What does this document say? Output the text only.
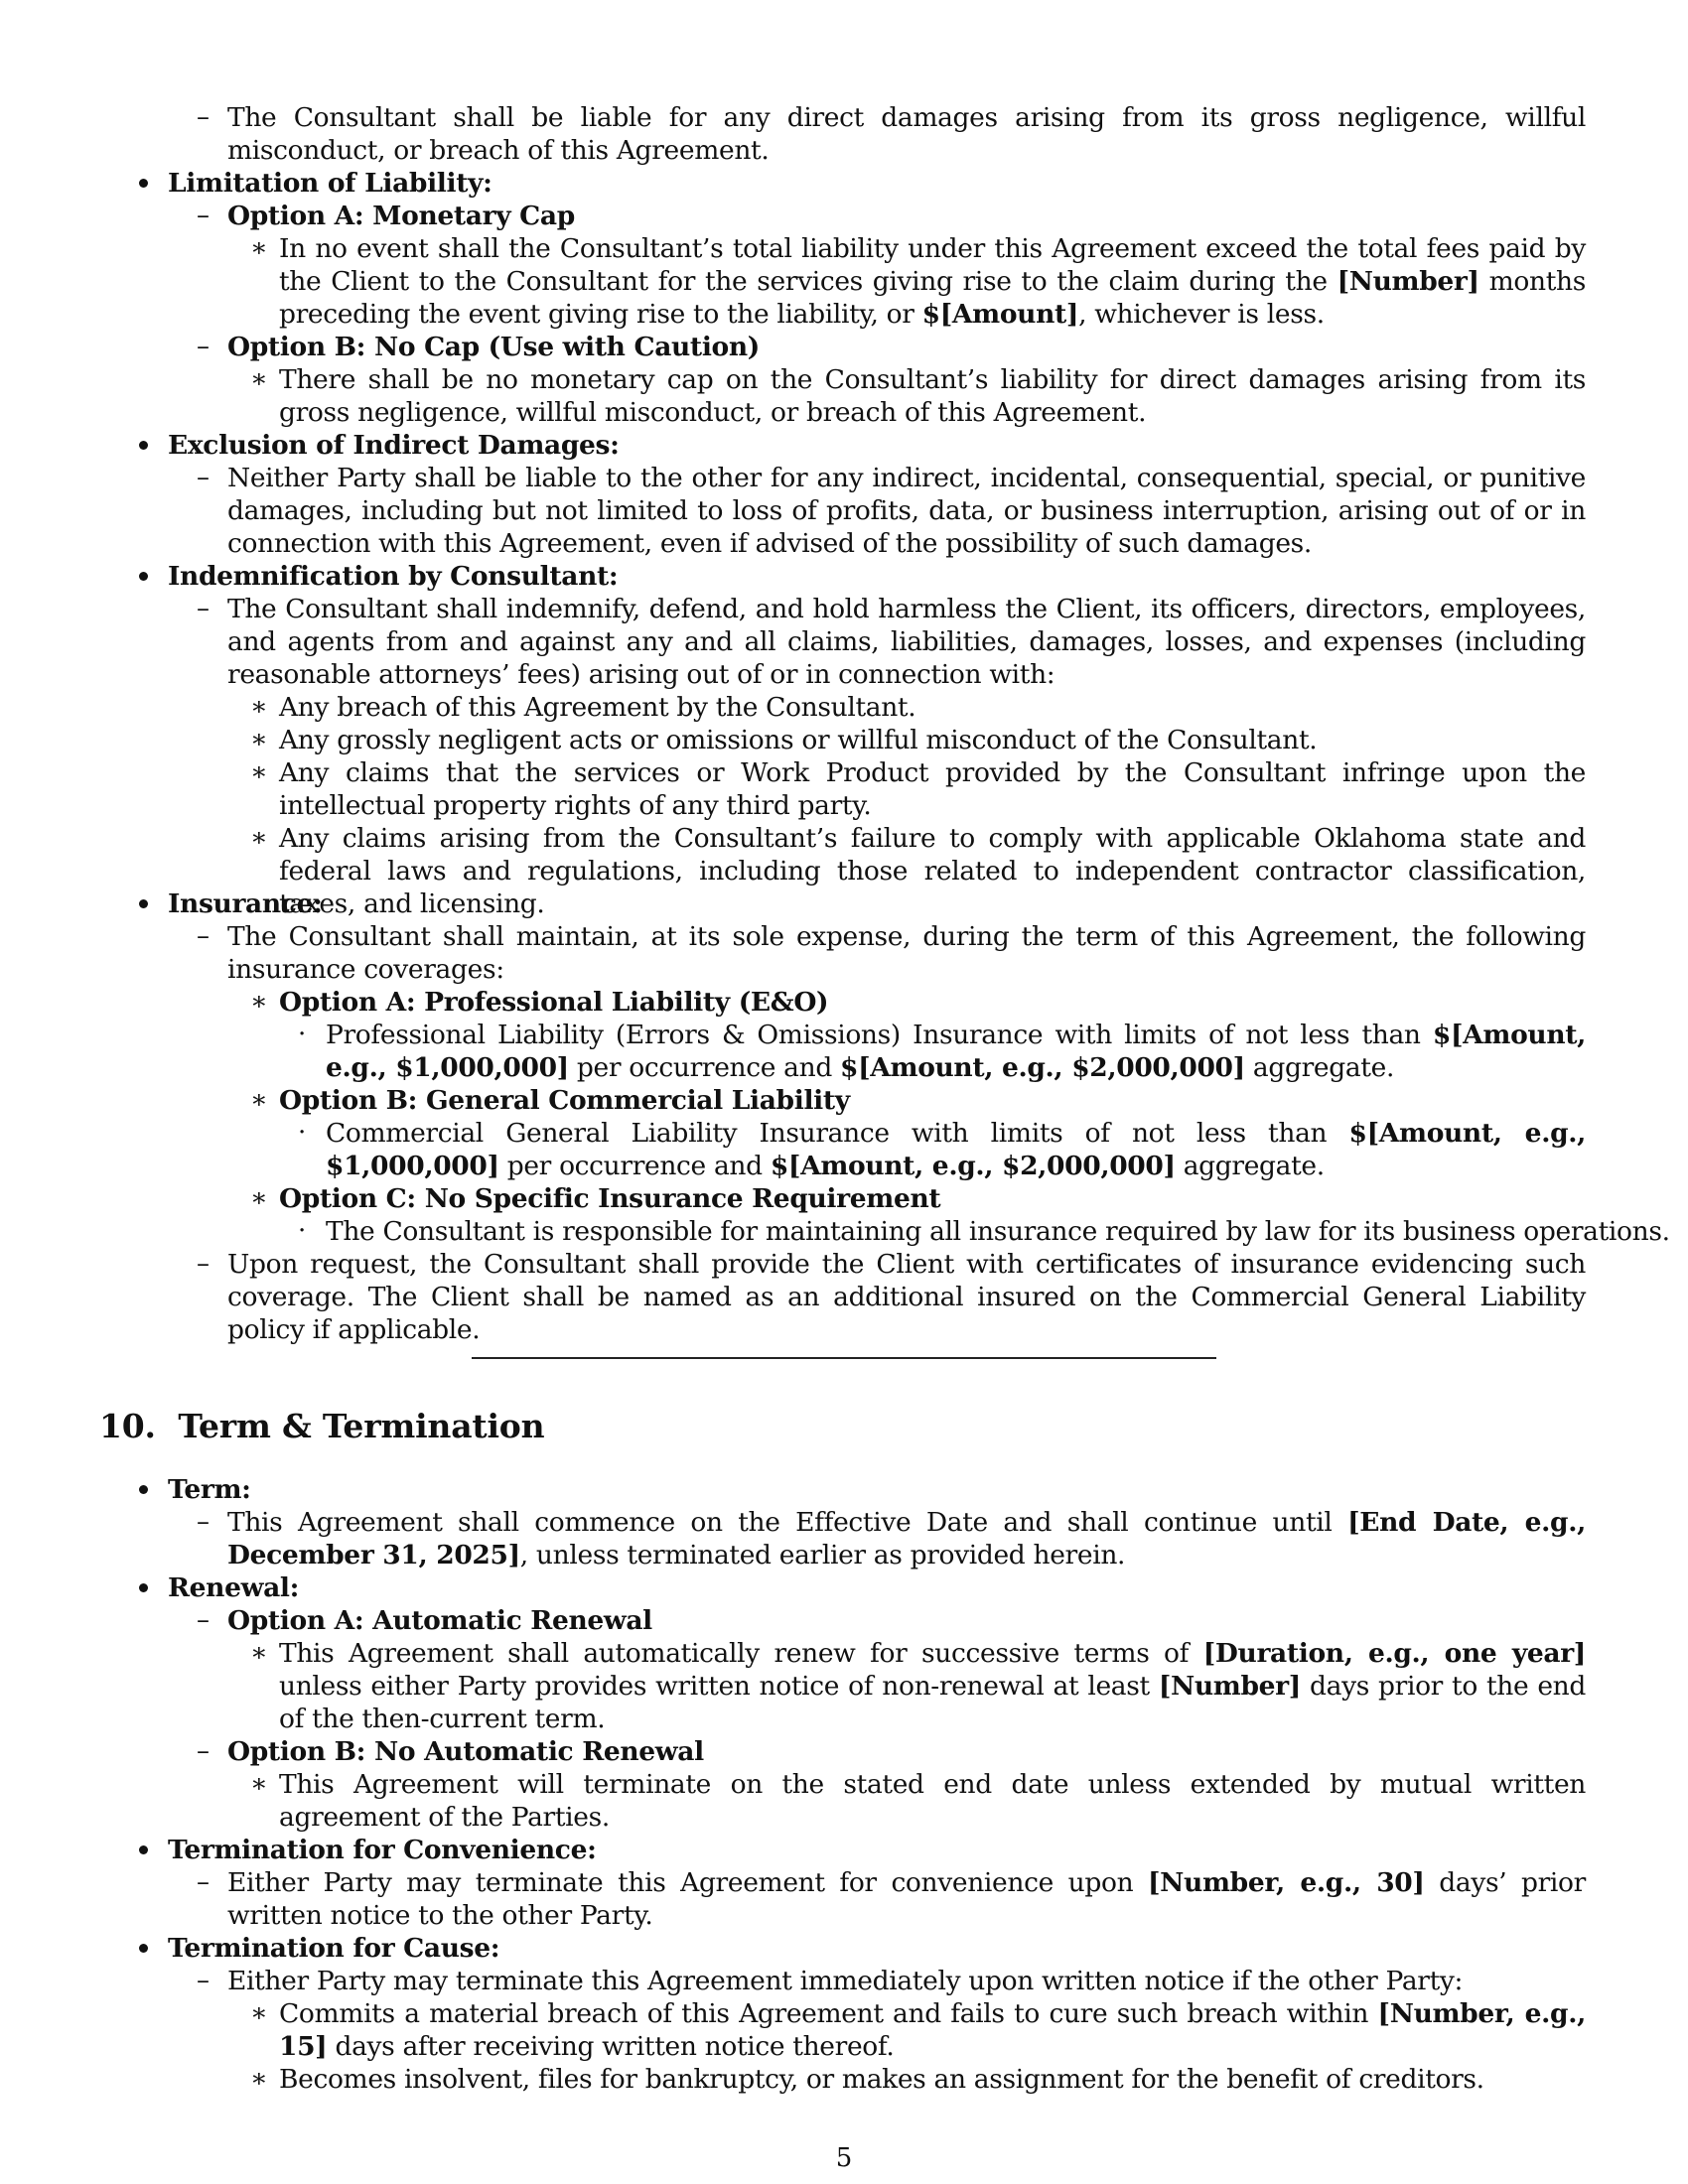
– The Consultant shall be liable for any direct damages arising from its gross negligence, willful misconduct, or breach of this Agreement.
Limitation of Liability:
– Option A: Monetary Cap
∗ In no event shall the Consultant’s total liability under this Agreement exceed the total fees paid by the Client to the Consultant for the services giving rise to the claim during the [Number] months preceding the event giving rise to the liability, or $[Amount], whichever is less.
– Option B: No Cap (Use with Caution)
∗ There shall be no monetary cap on the Consultant’s liability for direct damages arising from its gross negligence, willful misconduct, or breach of this Agreement.
Exclusion of Indirect Damages:
– Neither Party shall be liable to the other for any indirect, incidental, consequential, special, or punitive damages, including but not limited to loss of profits, data, or business interruption, arising out of or in connection with this Agreement, even if advised of the possibility of such damages.
Indemnification by Consultant:
– The Consultant shall indemnify, defend, and hold harmless the Client, its officers, directors, employees, and agents from and against any and all claims, liabilities, damages, losses, and expenses (including reasonable attorneys’ fees) arising out of or in connection with:
∗ Any breach of this Agreement by the Consultant.
∗ Any grossly negligent acts or omissions or willful misconduct of the Consultant.
∗ Any claims that the services or Work Product provided by the Consultant infringe upon the intellectual property rights of any third party.
∗ Any claims arising from the Consultant’s failure to comply with applicable Oklahoma state and federal laws and regulations, including those related to independent contractor classification, taxes, and licensing.
Insurance:
– The Consultant shall maintain, at its sole expense, during the term of this Agreement, the following insurance coverages:
∗ Option A: Professional Liability (E&O)
· Professional Liability (Errors & Omissions) Insurance with limits of not less than $[Amount, e.g., $1,000,000] per occurrence and $[Amount, e.g., $2,000,000] aggregate.
∗ Option B: General Commercial Liability
· Commercial General Liability Insurance with limits of not less than $[Amount, e.g., $1,000,000] per occurrence and $[Amount, e.g., $2,000,000] aggregate.
∗ Option C: No Specific Insurance Requirement
· The Consultant is responsible for maintaining all insurance required by law for its business operations.
– Upon request, the Consultant shall provide the Client with certificates of insurance evidencing such coverage. The Client shall be named as an additional insured on the Commercial General Liability policy if applicable.
10. Term & Termination
Term:
– This Agreement shall commence on the Effective Date and shall continue until [End Date, e.g., December 31, 2025], unless terminated earlier as provided herein.
Renewal:
– Option A: Automatic Renewal
∗ This Agreement shall automatically renew for successive terms of [Duration, e.g., one year] unless either Party provides written notice of non-renewal at least [Number] days prior to the end of the then-current term.
– Option B: No Automatic Renewal
∗ This Agreement will terminate on the stated end date unless extended by mutual written agreement of the Parties.
Termination for Convenience:
– Either Party may terminate this Agreement for convenience upon [Number, e.g., 30] days’ prior written notice to the other Party.
Termination for Cause:
– Either Party may terminate this Agreement immediately upon written notice if the other Party:
∗ Commits a material breach of this Agreement and fails to cure such breach within [Number, e.g., 15] days after receiving written notice thereof.
∗ Becomes insolvent, files for bankruptcy, or makes an assignment for the benefit of creditors.
5
